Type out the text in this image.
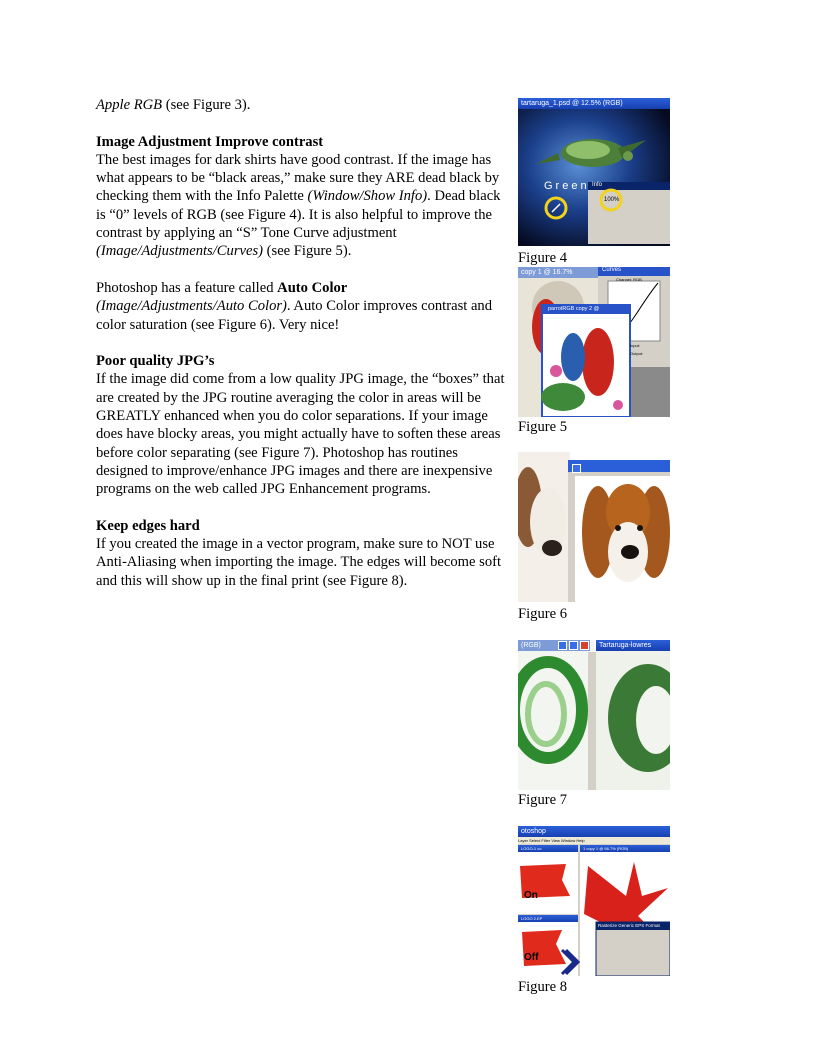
Apple RGB (see Figure 3).

Image Adjustment Improve contrast

The best images for dark shirts have good contrast. If the image has what appears to be “black areas,” make sure they ARE dead black by checking them with the Info Palette (Window/Show Info). Dead black is “0” levels of RGB (see Figure 4). It is also helpful to improve the contrast by applying an “S” Tone Curve adjustment (Image/Adjustments/Curves) (see Figure 5).

Photoshop has a feature called Auto Color
(Image/Adjustments/Auto Color). Auto Color improves contrast and color saturation (see Figure 6). Very nice!

Poor quality JPG’s

If the image did come from a low quality JPG image, the “boxes” that are created by the JPG routine averaging the color in areas will be GREATLY enhanced when you do color separations. If your image does have blocky areas, you might actually have to soften these areas before color separating (see Figure 7). Photoshop has routines designed to improve/enhance JPG images and there are inexpensive programs on the web called JPG Enhancement programs.

Keep edges hard

If you created the image in a vector program, make sure to NOT use Anti-Aliasing when importing the image. The edges will become soft and this will show up in the final print (see Figure 8).

tartaruga_1.psd @ 12.5% (RGB)
Green Info
100%
Figure 4
copy 1 @ 16.7%	Curves
parrotRGB copy 2 @
Channel: RGB
Input:
Output:
Figure 5
Figure 6
(RGB)	Tartaruga-lowres
Figure 7
otoshop
Layer Select Filter View Window Help
LOGO-1 co	1 copy 1 @ 66.7% (RGB)
LOGO 2.EP
Rasterize Generic EPS Format
On
Off
Figure 8
